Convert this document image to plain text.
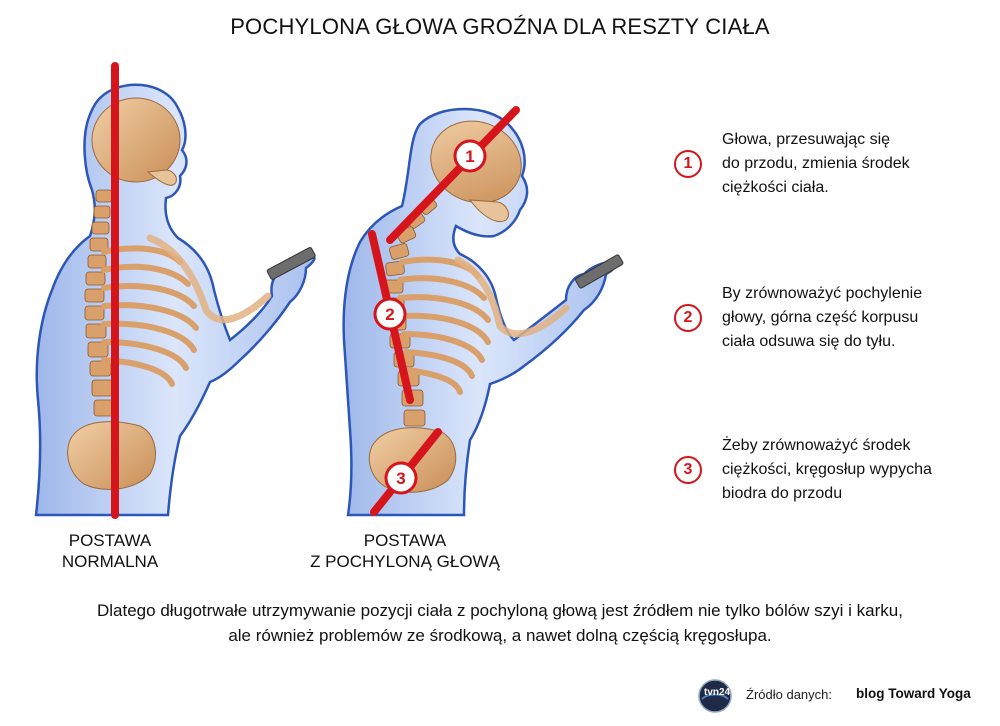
POCHYLONA GŁOWA GROŹNA DLA RESZTY CIAŁA
1
2
3
POSTAWA
NORMALNA
POSTAWA
Z POCHYLONĄ GŁOWĄ
1
Głowa, przesuwając się
do przodu, zmienia środek
ciężkości ciała.
2
By zrównoważyć pochylenie
głowy, górna część korpusu
ciała odsuwa się do tyłu.
3
Żeby zrównoważyć środek
ciężkości, kręgosłup wypycha
biodra do przodu
Dlatego długotrwałe utrzymywanie pozycji ciała z pochyloną głową jest źródłem nie tylko bólów szyi i karku,
ale również problemów ze środkową, a nawet dolną częścią kręgosłupa.
tvn24 Źródło danych: blog Toward Yoga
